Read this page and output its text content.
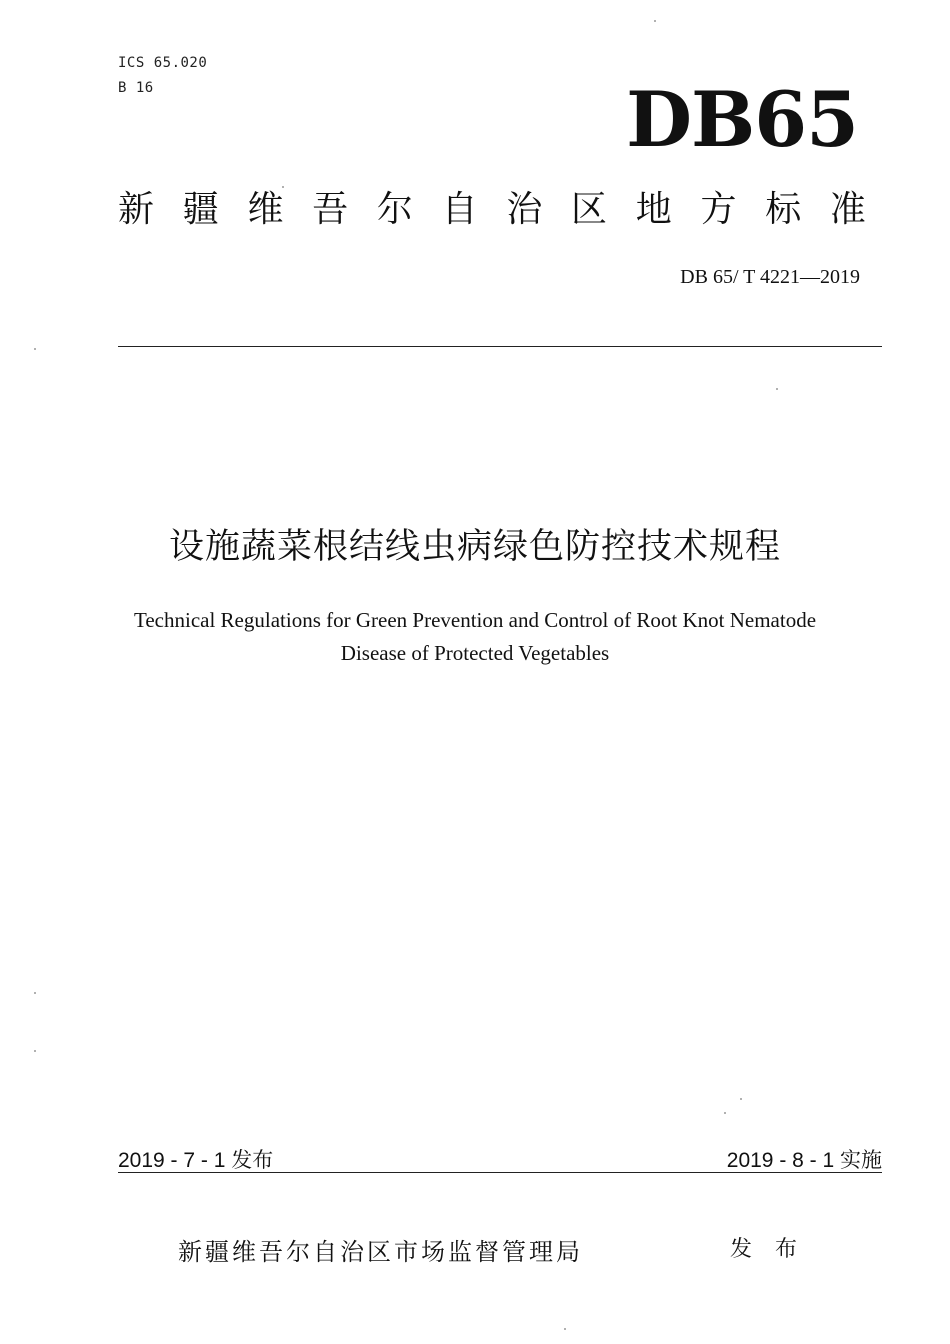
ICS 65.020
B 16	DB65
新 疆 维 吾 尔 自 治 区 地 方 标 准
DB 65/ T 4221—2019
设施蔬菜根结线虫病绿色防控技术规程
Technical Regulations for Green Prevention and Control of Root Knot Nematode
Disease of Protected Vegetables
2019 - 7 - 1 发布	2019 - 8 - 1 实施
新疆维吾尔自治区市场监督管理局	发 布
